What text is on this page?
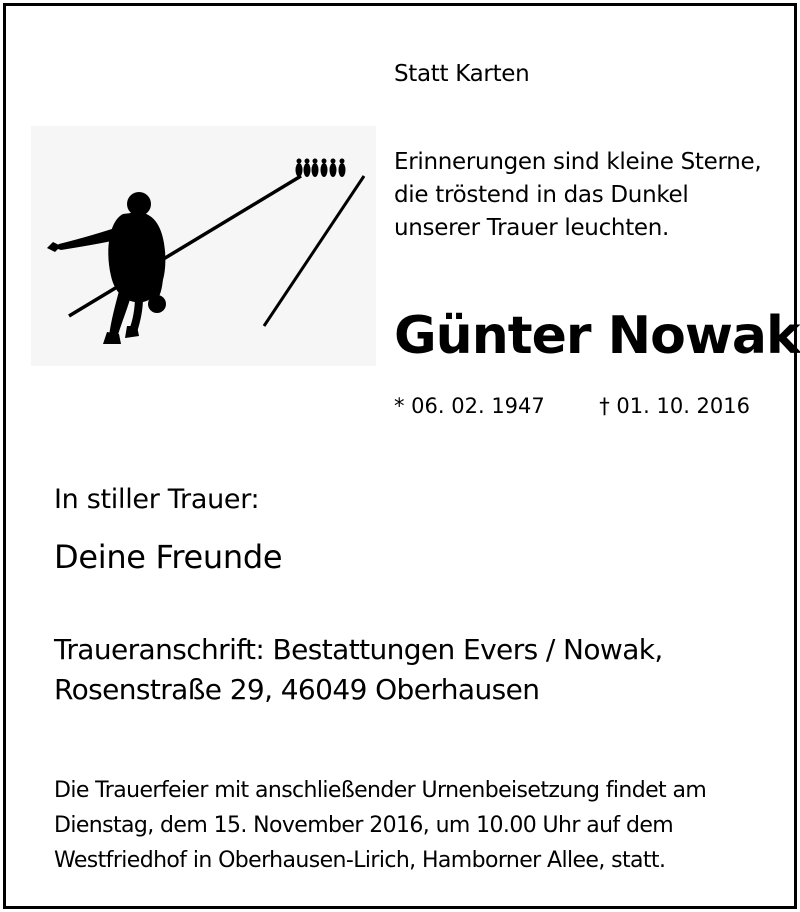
Statt Karten
Erinnerungen sind kleine Sterne,
die tröstend in das Dunkel
unserer Trauer leuchten.
Günter Nowak
* 06. 02. 1947	† 01. 10. 2016
In stiller Trauer:
Deine Freunde
Traueranschrift: Bestattungen Evers / Nowak,
Rosenstraße 29, 46049 Oberhausen
Die Trauerfeier mit anschließender Urnenbeisetzung findet am
Dienstag, dem 15. November 2016, um 10.00 Uhr auf dem
Westfriedhof in Oberhausen-Lirich, Hamborner Allee, statt.
